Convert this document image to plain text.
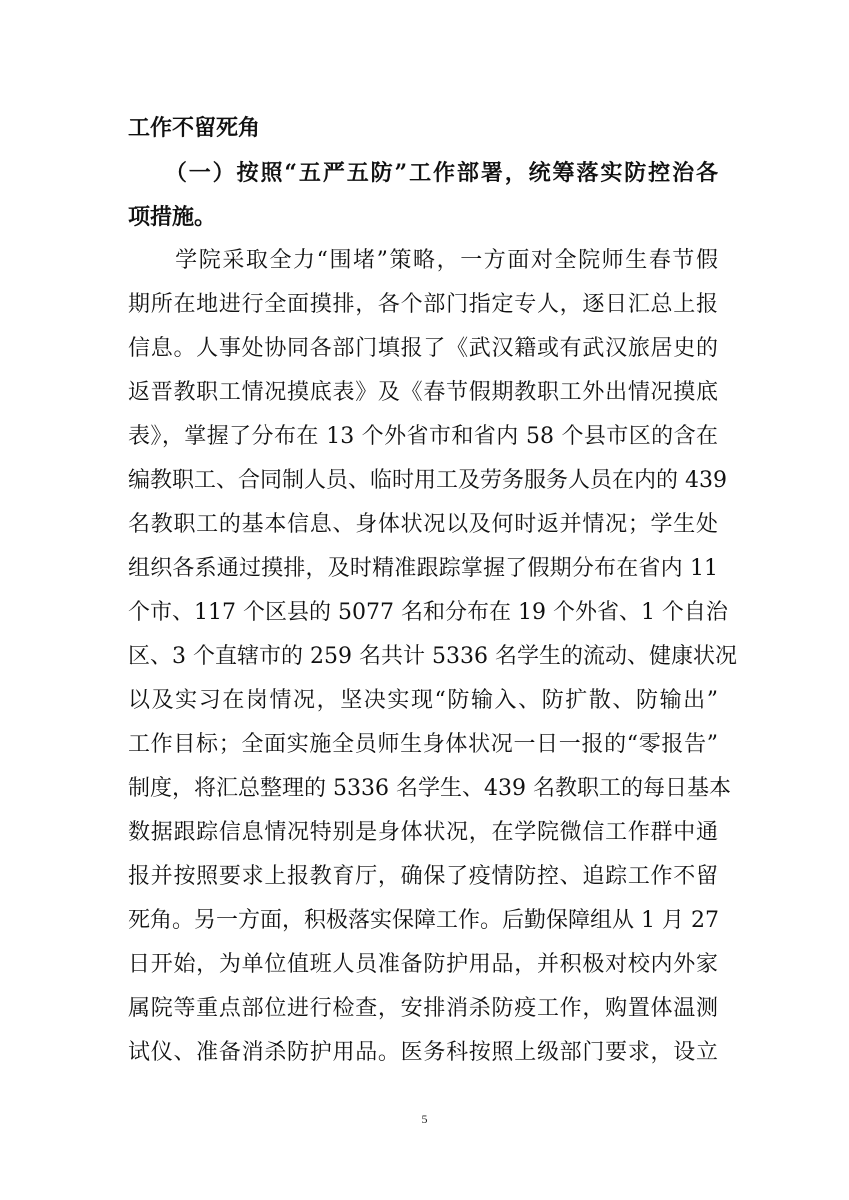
工作不留死角
　　（一）按照“五严五防”工作部署，统筹落实防控治各
项措施。
　　学院采取全力“围堵”策略，一方面对全院师生春节假
期所在地进行全面摸排，各个部门指定专人，逐日汇总上报
信息。人事处协同各部门填报了《武汉籍或有武汉旅居史的
返晋教职工情况摸底表》及《春节假期教职工外出情况摸底
表》，掌握了分布在 13 个外省市和省内 58 个县市区的含在
编教职工、合同制人员、临时用工及劳务服务人员在内的 439
名教职工的基本信息、身体状况以及何时返并情况；学生处
组织各系通过摸排，及时精准跟踪掌握了假期分布在省内 11
个市、117 个区县的 5077 名和分布在 19 个外省、1 个自治
区、3 个直辖市的 259 名共计 5336 名学生的流动、健康状况
以及实习在岗情况，坚决实现“防输入、防扩散、防输出”
工作目标；全面实施全员师生身体状况一日一报的“零报告”
制度，将汇总整理的 5336 名学生、439 名教职工的每日基本
数据跟踪信息情况特别是身体状况，在学院微信工作群中通
报并按照要求上报教育厅，确保了疫情防控、追踪工作不留
死角。另一方面，积极落实保障工作。后勤保障组从 1 月 27
日开始，为单位值班人员准备防护用品，并积极对校内外家
属院等重点部位进行检查，安排消杀防疫工作，购置体温测
试仪、准备消杀防护用品。医务科按照上级部门要求，设立
5
